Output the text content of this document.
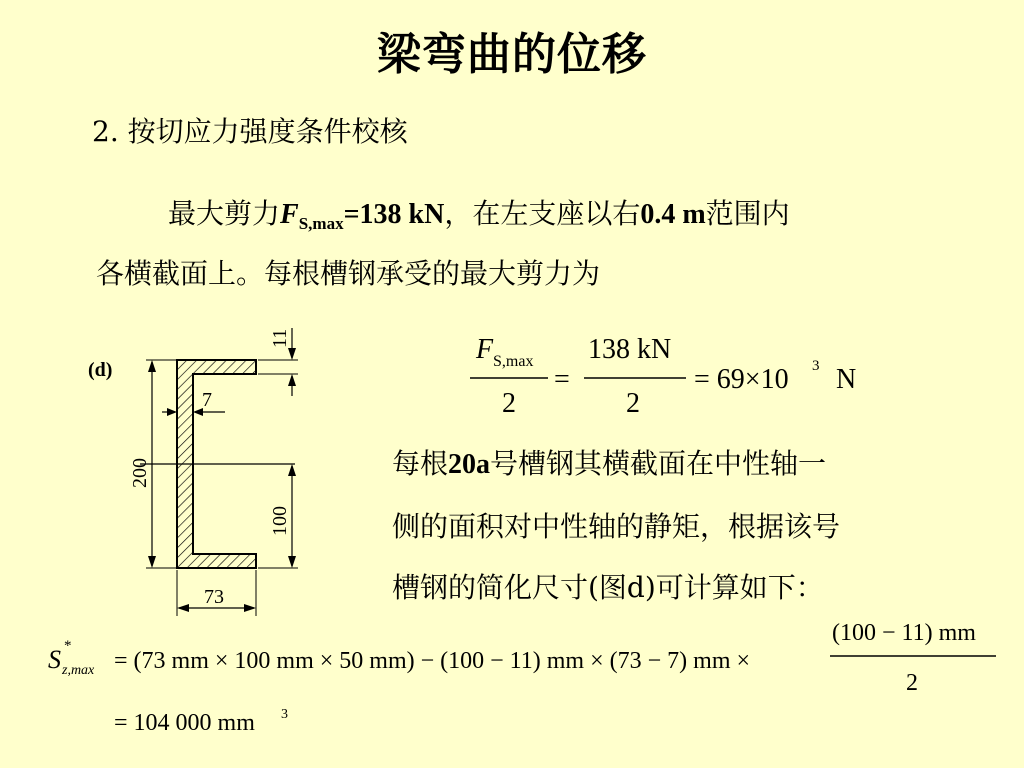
梁弯曲的位移
2. 按切应力强度条件校核
最大剪力$F_{S,max}=138$ kN，在左支座以右0.4 m范围内
各横截面上。每根槽钢承受的最大剪力为
F S,max
2
=
138 kN
2
= 69×10 3 N
(d)
200
100
11
7
73
每根20a号槽钢其横截面在中性轴一
侧的面积对中性轴的静矩，根据该号
槽钢的简化尺寸(图d)可计算如下：
S *
z,max = (73 mm × 100 mm × 50 mm) − (100 − 11) mm × (73 − 7) mm ×
(100 − 11) mm
2
= 104 000 mm 3
